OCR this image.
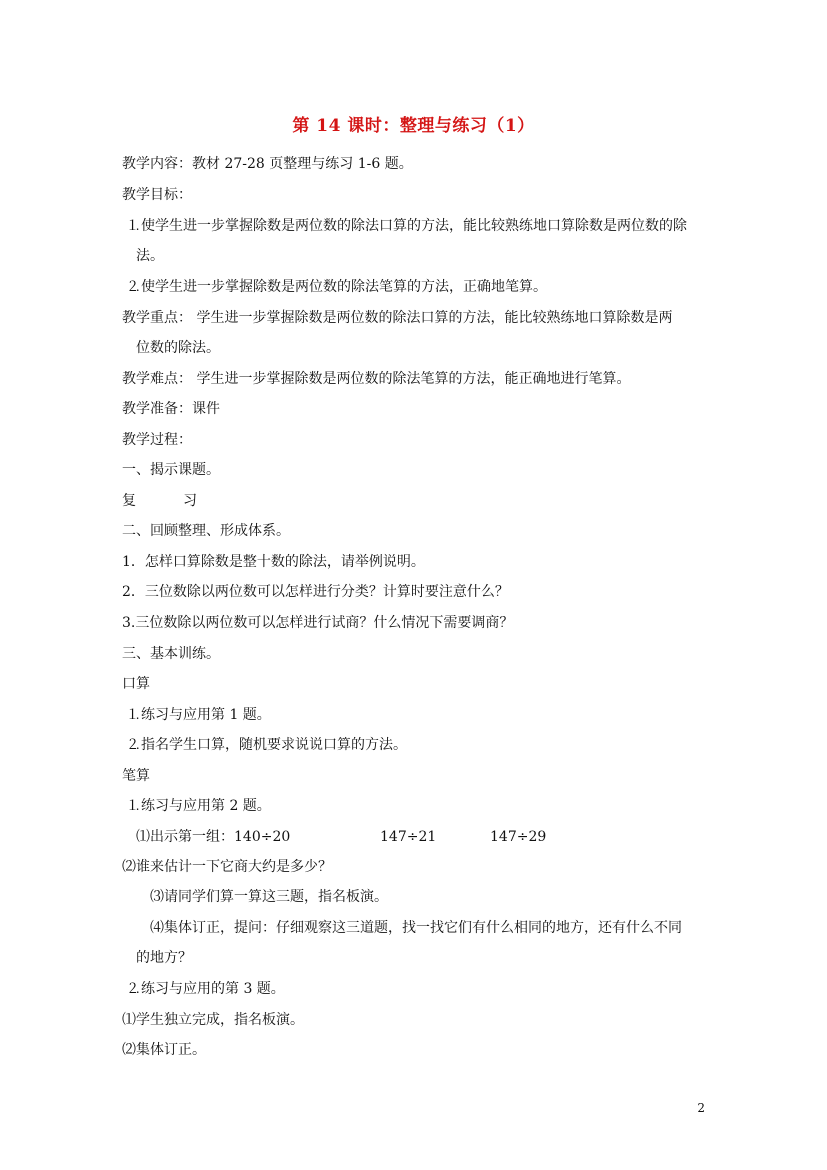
第 14 课时：整理与练习（1）
教学内容：教材 27-28 页整理与练习 1-6 题。
教学目标：
⒈使学生进一步掌握除数是两位数的除法口算的方法，能比较熟练地口算除数是两位数的除
法。
⒉使学生进一步掌握除数是两位数的除法笔算的方法，正确地笔算。
教学重点： 学生进一步掌握除数是两位数的除法口算的方法，能比较熟练地口算除数是两
位数的除法。
教学难点： 学生进一步掌握除数是两位数的除法笔算的方法，能正确地进行笔算。
教学准备：课件
教学过程：
一、揭示课题。
复	习
二、回顾整理、形成体系。
1．怎样口算除数是整十数的除法，请举例说明。
2．三位数除以两位数可以怎样进行分类？计算时要注意什么？
3.三位数除以两位数可以怎样进行试商？什么情况下需要调商？
三、基本训练。
口算
⒈练习与应用第 1 题。
⒉指名学生口算，随机要求说说口算的方法。
笔算
⒈练习与应用第 2 题。
⑴出示第一组：140÷20	147÷21	147÷29
⑵谁来估计一下它商大约是多少？
⑶请同学们算一算这三题，指名板演。
⑷集体订正，提问：仔细观察这三道题，找一找它们有什么相同的地方，还有什么不同
的地方？
⒉练习与应用的第 3 题。
⑴学生独立完成，指名板演。
⑵集体订正。
2
